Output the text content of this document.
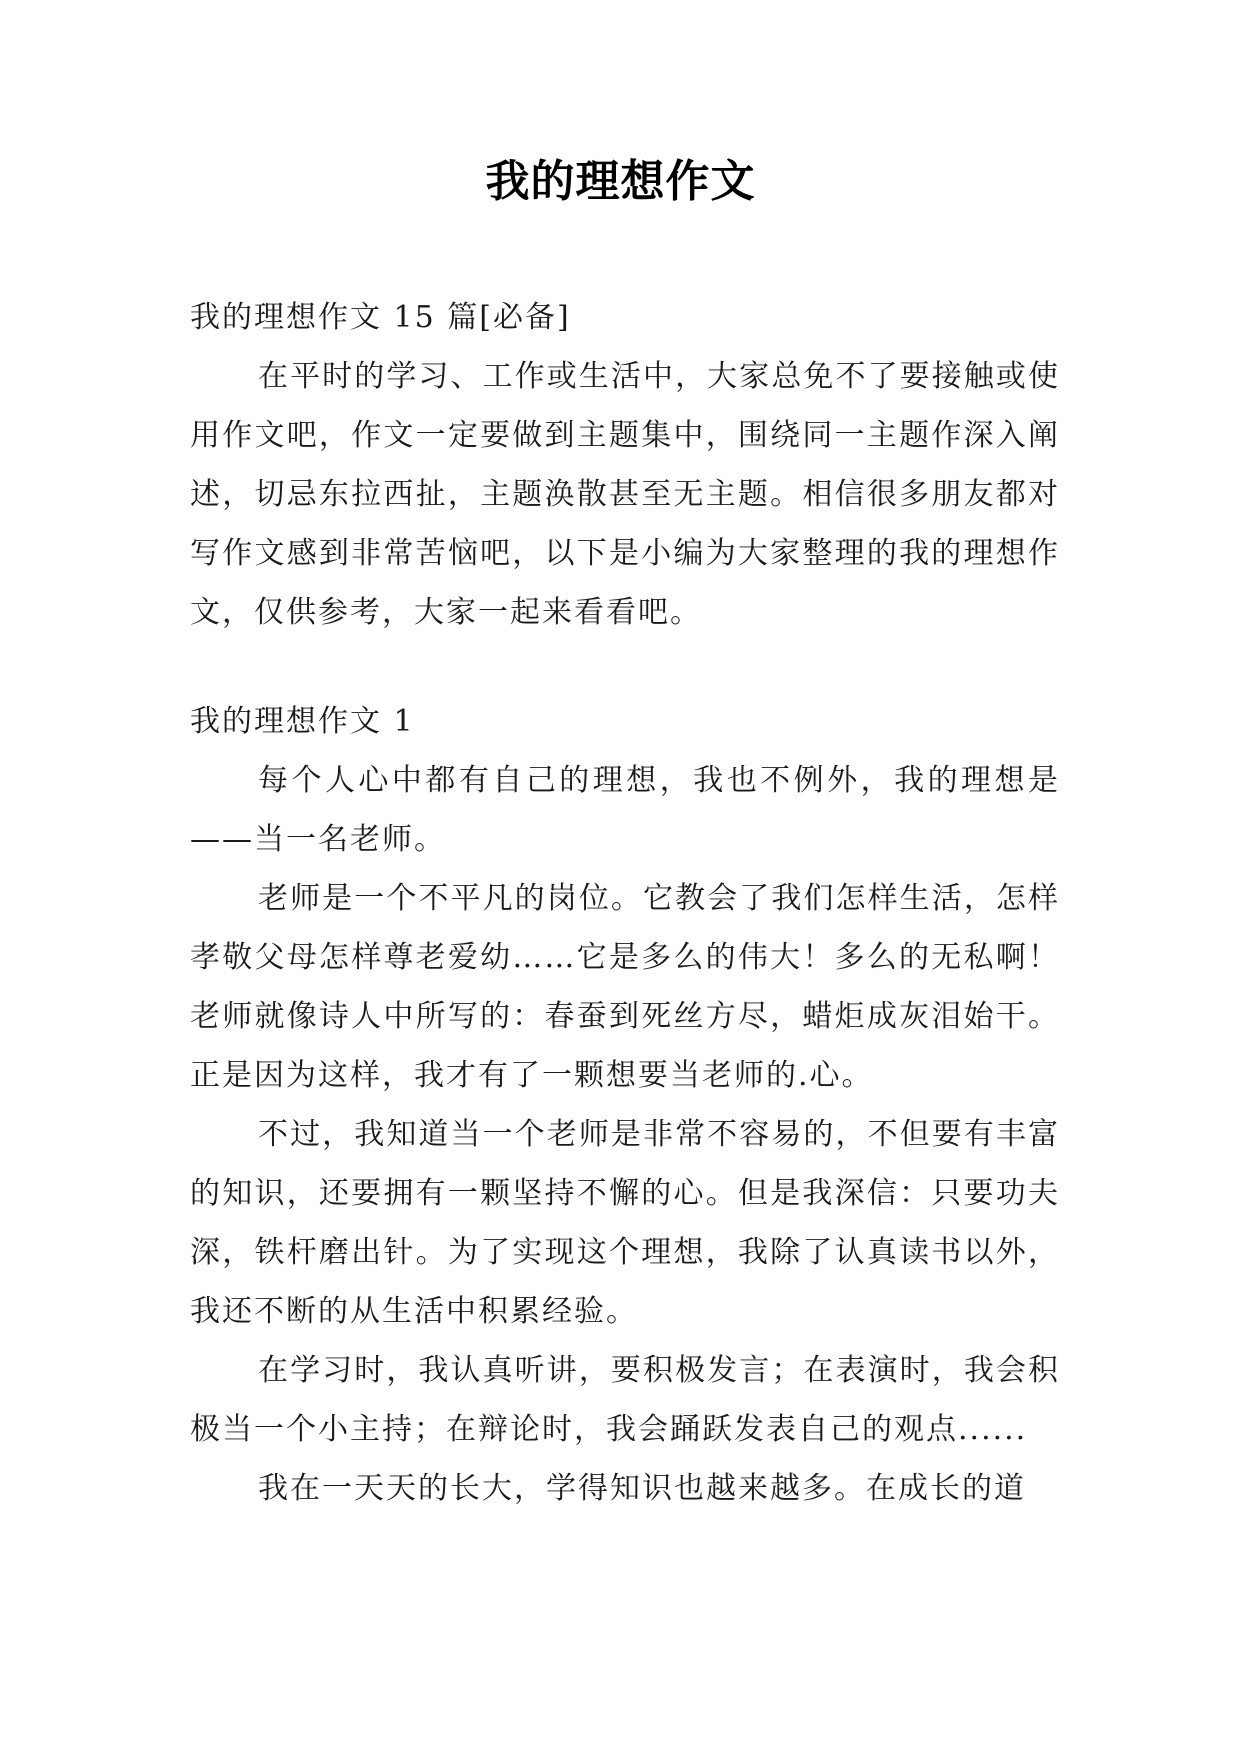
我的理想作文

我的理想作文 15 篇[必备]

在平时的学习、工作或生活中，大家总免不了要接触或使用作文吧，作文一定要做到主题集中，围绕同一主题作深入阐述，切忌东拉西扯，主题涣散甚至无主题。相信很多朋友都对写作文感到非常苦恼吧，以下是小编为大家整理的我的理想作文，仅供参考，大家一起来看看吧。

我的理想作文 1

每个人心中都有自己的理想，我也不例外，我的理想是——当一名老师。

老师是一个不平凡的岗位。它教会了我们怎样生活，怎样孝敬父母怎样尊老爱幼……它是多么的伟大！多么的无私啊！老师就像诗人中所写的：春蚕到死丝方尽，蜡炬成灰泪始干。正是因为这样，我才有了一颗想要当老师的.心。

不过，我知道当一个老师是非常不容易的，不但要有丰富的知识，还要拥有一颗坚持不懈的心。但是我深信：只要功夫深，铁杆磨出针。为了实现这个理想，我除了认真读书以外，我还不断的从生活中积累经验。

在学习时，我认真听讲，要积极发言；在表演时，我会积极当一个小主持；在辩论时，我会踊跃发表自己的观点......

我在一天天的长大，学得知识也越来越多。在成长的道
